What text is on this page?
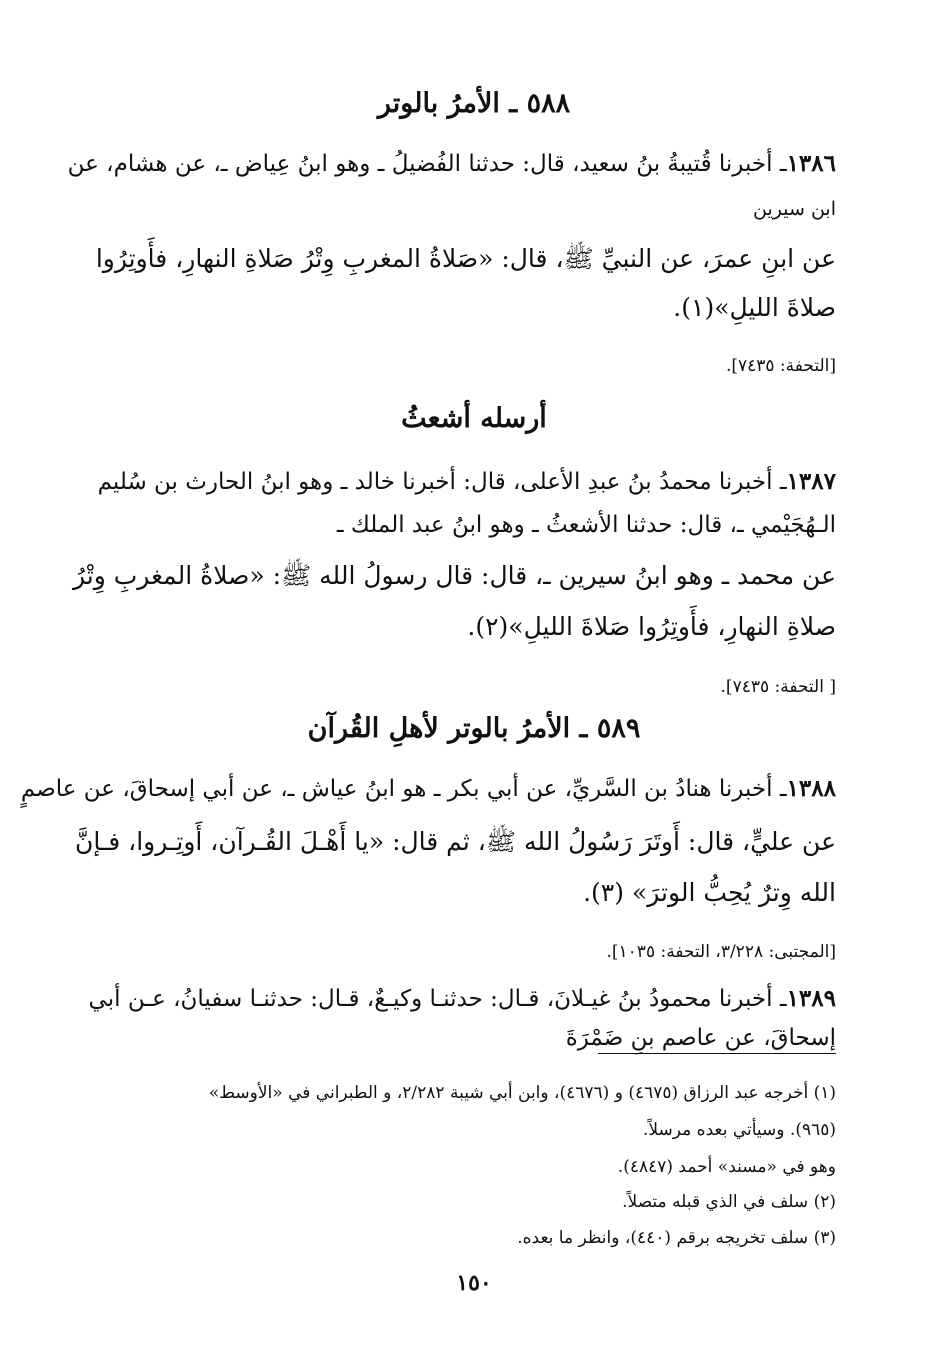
٥٨٨ ـ الأمرُ بالوتر
١٣٨٦ـ أخبرنا قُتيبةُ بنُ سعيد، قال: حدثنا الفُضيلُ ـ وهو ابنُ عِياض ـ، عن هشام، عن
ابن سيرين
عن ابنِ عمرَ، عن النبيِّ ﷺ، قال: «صَلاةُ المغربِ وِتْرُ صَلاةِ النهارِ، فأَوتِرُوا
صلاةَ الليلِ»(١).
[التحفة: ٧٤٣٥].
أرسله أشعثُ
١٣٨٧ـ أخبرنا محمدُ بنُ عبدِ الأعلى، قال: أخبرنا خالد ـ وهو ابنُ الحارث بن سُليم
الـهُجَيْمي ـ، قال: حدثنا الأشعثُ ـ وهو ابنُ عبد الملك ـ
عن محمد ـ وهو ابنُ سيرين ـ، قال: قال رسولُ الله ﷺ: «صلاةُ المغربِ وِتْرُ
صلاةِ النهارِ، فأَوتِرُوا صَلاةَ الليلِ»(٢).
[ التحفة: ٧٤٣٥].
٥٨٩ ـ الأمرُ بالوتر لأهلِ القُرآن
١٣٨٨ـ أخبرنا هنادُ بن السَّريِّ، عن أبي بكر ـ هو ابنُ عياش ـ، عن أبي إسحاقَ، عن عاصمٍ
عن عليٍّ، قال: أَوتَرَ رَسُولُ الله ﷺ، ثم قال: «يا أَهْـلَ القُـرآن، أَوتِـروا، فـإنَّ
الله وِترٌ يُحِبُّ الوترَ» (٣).
[المجتبى: ٣/٢٢٨، التحفة: ١٠٣٥].
١٣٨٩ـ أخبرنا محمودُ بنُ غيـلانَ، قـال: حدثنـا وكيـعٌ، قـال: حدثنـا سفيانُ، عـن أبي
إسحاقَ، عن عاصم بنِ ضَمْرَةَ
(١) أخرجه عبد الرزاق (٤٦٧٥) و (٤٦٧٦)، وابن أبي شيبة ٢/٢٨٢، و الطبراني في «الأوسط»
(٩٦٥). وسيأتي بعده مرسلاً.
وهو في «مسند» أحمد (٤٨٤٧).
(٢) سلف في الذي قبله متصلاً.
(٣) سلف تخريجه برقم (٤٤٠)، وانظر ما بعده.
١٥٠
